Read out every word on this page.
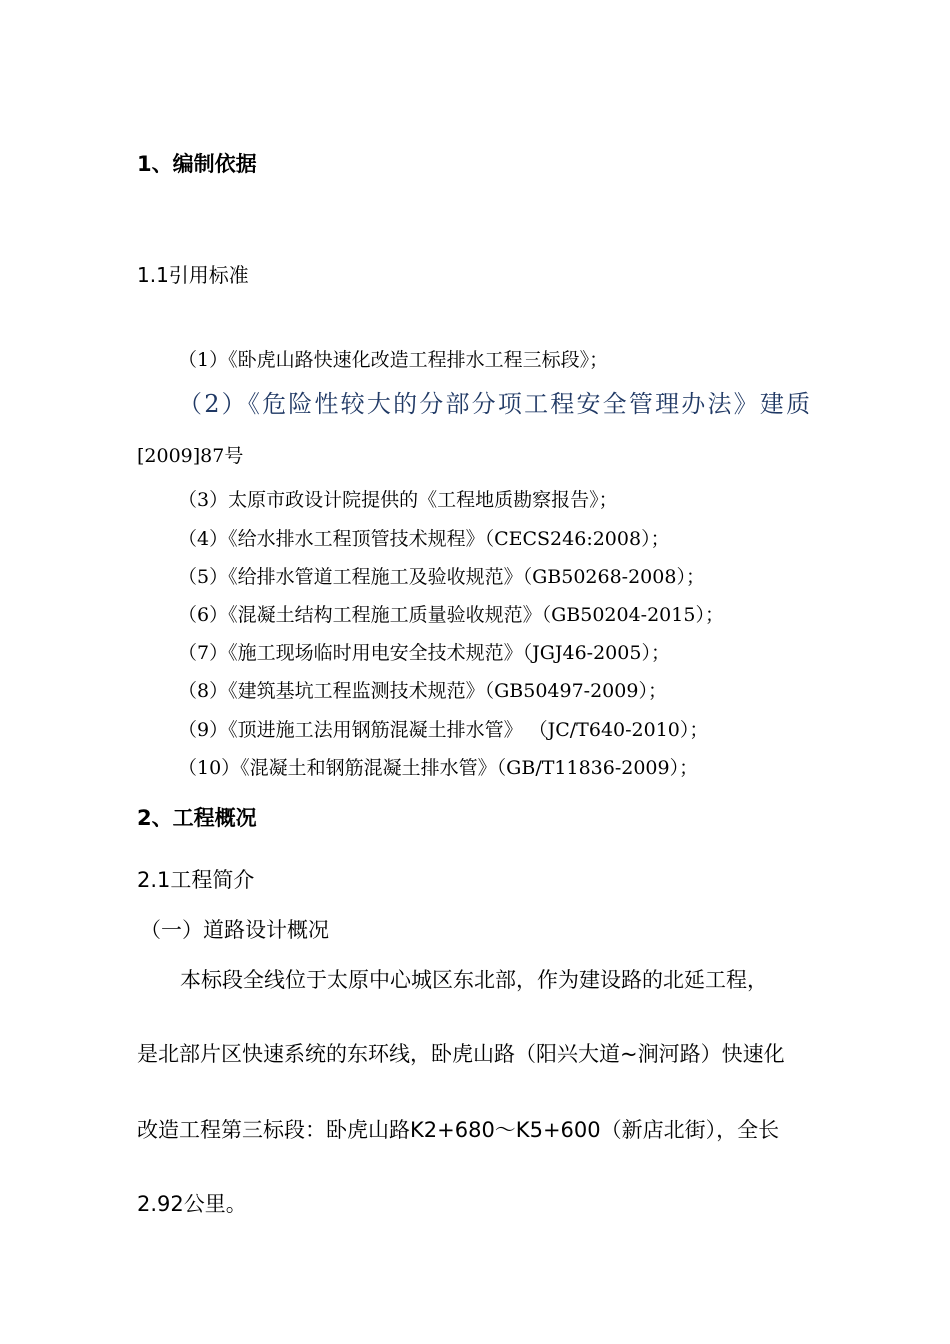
1、编制依据
1.1引用标准
（1）《卧虎山路快速化改造工程排水工程三标段》；
（2）《危险性较大的分部分项工程安全管理办法》建质
[2009]87号
（3）太原市政设计院提供的《工程地质勘察报告》；
（4）《给水排水工程顶管技术规程》（CECS246:2008）；
（5）《给排水管道工程施工及验收规范》（GB50268-2008）；
（6）《混凝土结构工程施工质量验收规范》（GB50204-2015）；
（7）《施工现场临时用电安全技术规范》（JGJ46-2005）；
（8）《建筑基坑工程监测技术规范》（GB50497-2009）；
（9）《顶进施工法用钢筋混凝土排水管》 （JC/T640-2010）；
（10）《混凝土和钢筋混凝土排水管》（GB/T11836-2009）；
2、工程概况
2.1工程简介
（一）道路设计概况
本标段全线位于太原中心城区东北部，作为建设路的北延工程，
是北部片区快速系统的东环线，卧虎山路（阳兴大道~涧河路）快速化
改造工程第三标段：卧虎山路K2+680～K5+600（新店北街），全长
2.92公里。
